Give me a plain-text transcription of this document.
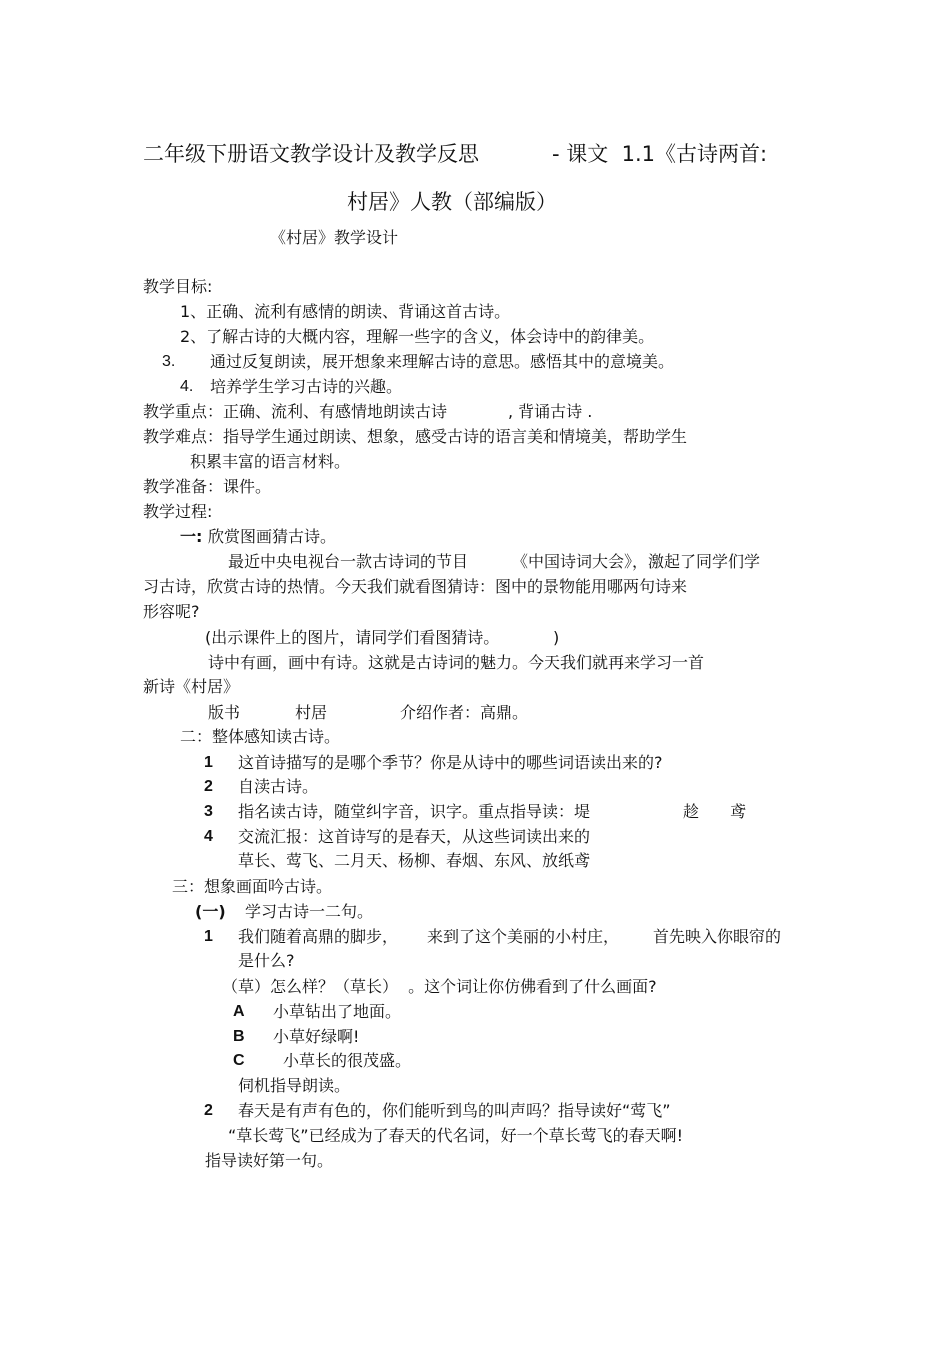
二年级下册语文教学设计及教学反思	- 课文  1.1《古诗两首:
村居》人教（部编版）
《村居》教学设计
教学目标:
1、正确、流利有感情的朗读、背诵这首古诗。
2、了解古诗的大概内容，理解一些字的含义，体会诗中的韵律美。
3. 通过反复朗读，展开想象来理解古诗的意思。感悟其中的意境美。
4. 培养学生学习古诗的兴趣。
教学重点：正确、流利、有感情地朗读古诗	, 背诵古诗 .
教学难点：指导学生通过朗读、想象，感受古诗的语言美和情境美，帮助学生
积累丰富的语言材料。
教学准备：课件。
教学过程:
一: 欣赏图画猜古诗。
最近中央电视台一款古诗词的节目	《中国诗词大会》，激起了同学们学
习古诗，欣赏古诗的热情。今天我们就看图猜诗：图中的景物能用哪两句诗来
形容呢?
(出示课件上的图片，请同学们看图猜诗。	)
诗中有画，画中有诗。这就是古诗词的魅力。今天我们就再来学习一首
新诗《村居》
版书	村居	介绍作者：高鼎。
二：整体感知读古诗。
1 这首诗描写的是哪个季节？你是从诗中的哪些词语读出来的?
2 自渎古诗。
3 指名读古诗，随堂纠字音，识字。重点指导读：堤	趁 鸢
4 交流汇报：这首诗写的是春天，从这些词读出来的
草长、莺飞、二月天、杨柳、春烟、东风、放纸鸢
三：想象画面吟古诗。
(一) 学习古诗一二句。
1 我们随着高鼎的脚步， 来到了这个美丽的小村庄， 首先映入你眼帘的
是什么?
（草）怎么样？（草长）  。这个词让你仿佛看到了什么画面?
A 小草钻出了地面。
B 小草好绿啊!
C 小草长的很茂盛。
伺机指导朗读。
2 春天是有声有色的，你们能听到鸟的叫声吗？指导读好“莺飞”
“草长莺飞”已经成为了春天的代名词，好一个草长莺飞的春天啊!
指导读好第一句。
